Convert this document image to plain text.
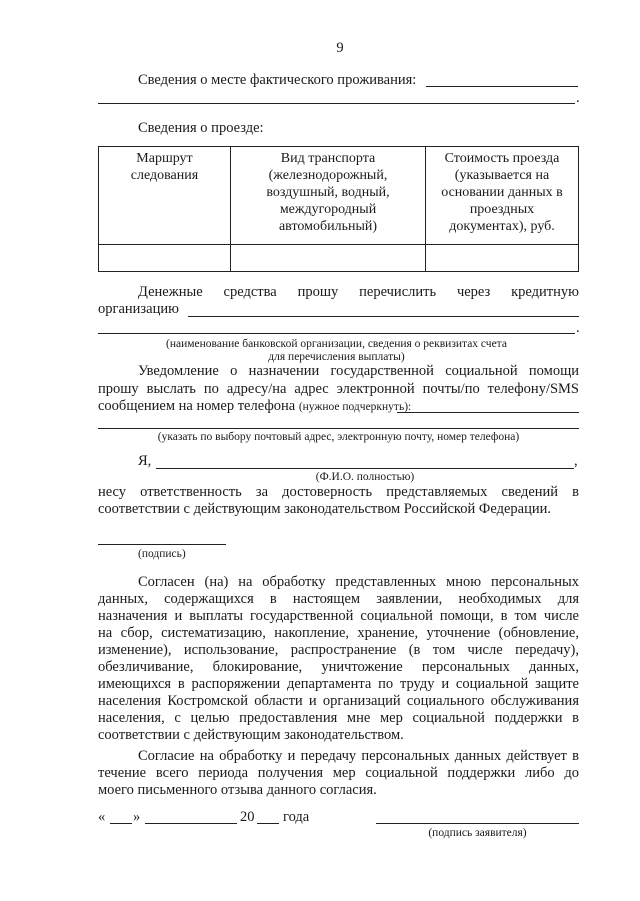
9
Сведения о месте фактического проживания:
.
Сведения о проезде:
Маршрут следования	Вид транспорта (железнодорожный, воздушный, водный, междугородный автомобильный)	Стоимость проезда (указывается на основании данных в проездных документах), руб.

Денежные средства прошу перечислить через кредитную
организацию
.
(наименование банковской организации, сведения о реквизитах счета
для перечисления выплаты)
Уведомление о назначении государственной социальной помощи
прошу выслать по адресу/на адрес электронной почты/по телефону/SMS
сообщением на номер телефона (нужное подчеркнуть):
(указать по выбору почтовый адрес, электронную почту, номер телефона)
Я,	,
(Ф.И.О. полностью)
несу ответственность за достоверность представляемых сведений в
соответствии с действующим законодательством Российской Федерации.
(подпись)
Согласен (на) на обработку представленных мною персональных
данных, содержащихся в настоящем заявлении, необходимых для
назначения и выплаты государственной социальной помощи, в том числе
на сбор, систематизацию, накопление, хранение, уточнение (обновление,
изменение), использование, распространение (в том числе передачу),
обезличивание, блокирование, уничтожение персональных данных,
имеющихся в распоряжении департамента по труду и социальной защите
населения Костромской области и организаций социального обслуживания
населения, с целью предоставления мне мер социальной поддержки в
соответствии с действующим законодательством.
Согласие на обработку и передачу персональных данных действует в
течение всего периода получения мер социальной поддержки либо до
моего письменного отзыва данного согласия.
« »	20 года
(подпись заявителя)
